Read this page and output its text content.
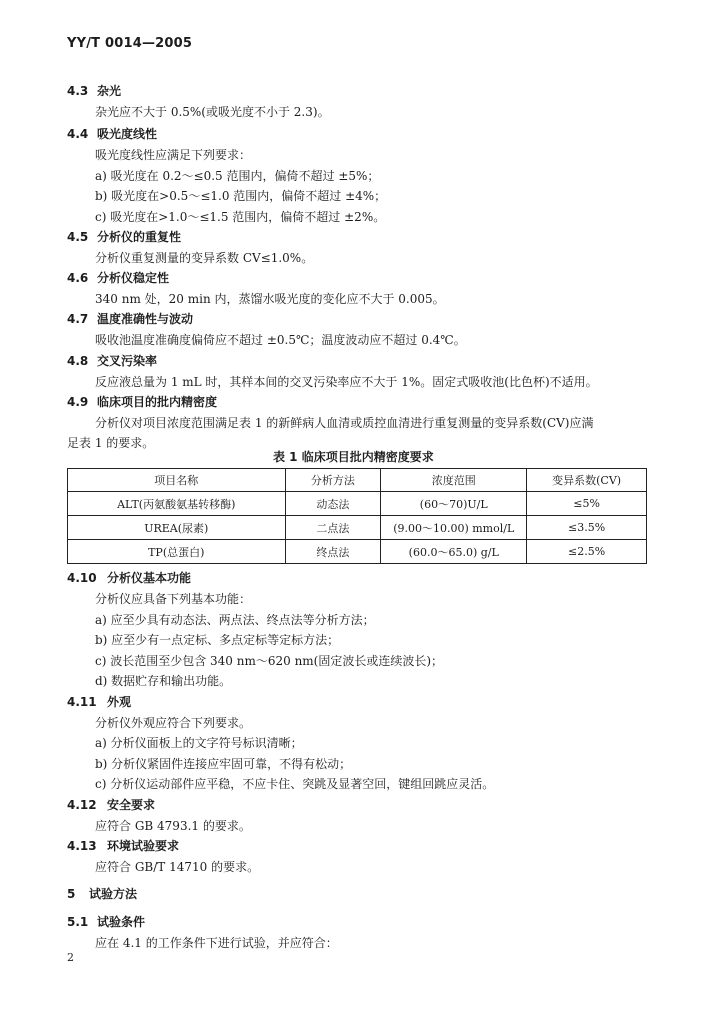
YY/T 0014—2005
4.3 杂光
杂光应不大于 0.5%(或吸光度不小于 2.3)。
4.4 吸光度线性
吸光度线性应满足下列要求：
a) 吸光度在 0.2～≤0.5 范围内，偏倚不超过 ±5%；
b) 吸光度在>0.5～≤1.0 范围内，偏倚不超过 ±4%；
c) 吸光度在>1.0～≤1.5 范围内，偏倚不超过 ±2%。
4.5 分析仪的重复性
分析仪重复测量的变异系数 CV≤1.0%。
4.6 分析仪稳定性
340 nm 处，20 min 内，蒸馏水吸光度的变化应不大于 0.005。
4.7 温度准确性与波动
吸收池温度准确度偏倚应不超过 ±0.5℃；温度波动应不超过 0.4℃。
4.8 交叉污染率
反应液总量为 1 mL 时，其样本间的交叉污染率应不大于 1%。固定式吸收池(比色杯)不适用。
4.9 临床项目的批内精密度
分析仪对项目浓度范围满足表 1 的新鲜病人血清或质控血清进行重复测量的变异系数(CV)应满
足表 1 的要求。
表 1 临床项目批内精密度要求
项目名称	分析方法	浓度范围	变异系数(CV)
ALT(丙氨酸氨基转移酶)	动态法	(60～70)U/L	≤5%
UREA(尿素)	二点法	(9.00～10.00) mmol/L	≤3.5%
TP(总蛋白)	终点法	(60.0～65.0) g/L	≤2.5%
4.10 分析仪基本功能
分析仪应具备下列基本功能：
a) 应至少具有动态法、两点法、终点法等分析方法；
b) 应至少有一点定标、多点定标等定标方法；
c) 波长范围至少包含 340 nm～620 nm(固定波长或连续波长)；
d) 数据贮存和输出功能。
4.11 外观
分析仪外观应符合下列要求。
a) 分析仪面板上的文字符号标识清晰；
b) 分析仪紧固件连接应牢固可靠，不得有松动；
c) 分析仪运动部件应平稳，不应卡住、突跳及显著空回，键组回跳应灵活。
4.12 安全要求
应符合 GB 4793.1 的要求。
4.13 环境试验要求
应符合 GB/T 14710 的要求。
5 试验方法
5.1 试验条件
应在 4.1 的工作条件下进行试验，并应符合：
2
